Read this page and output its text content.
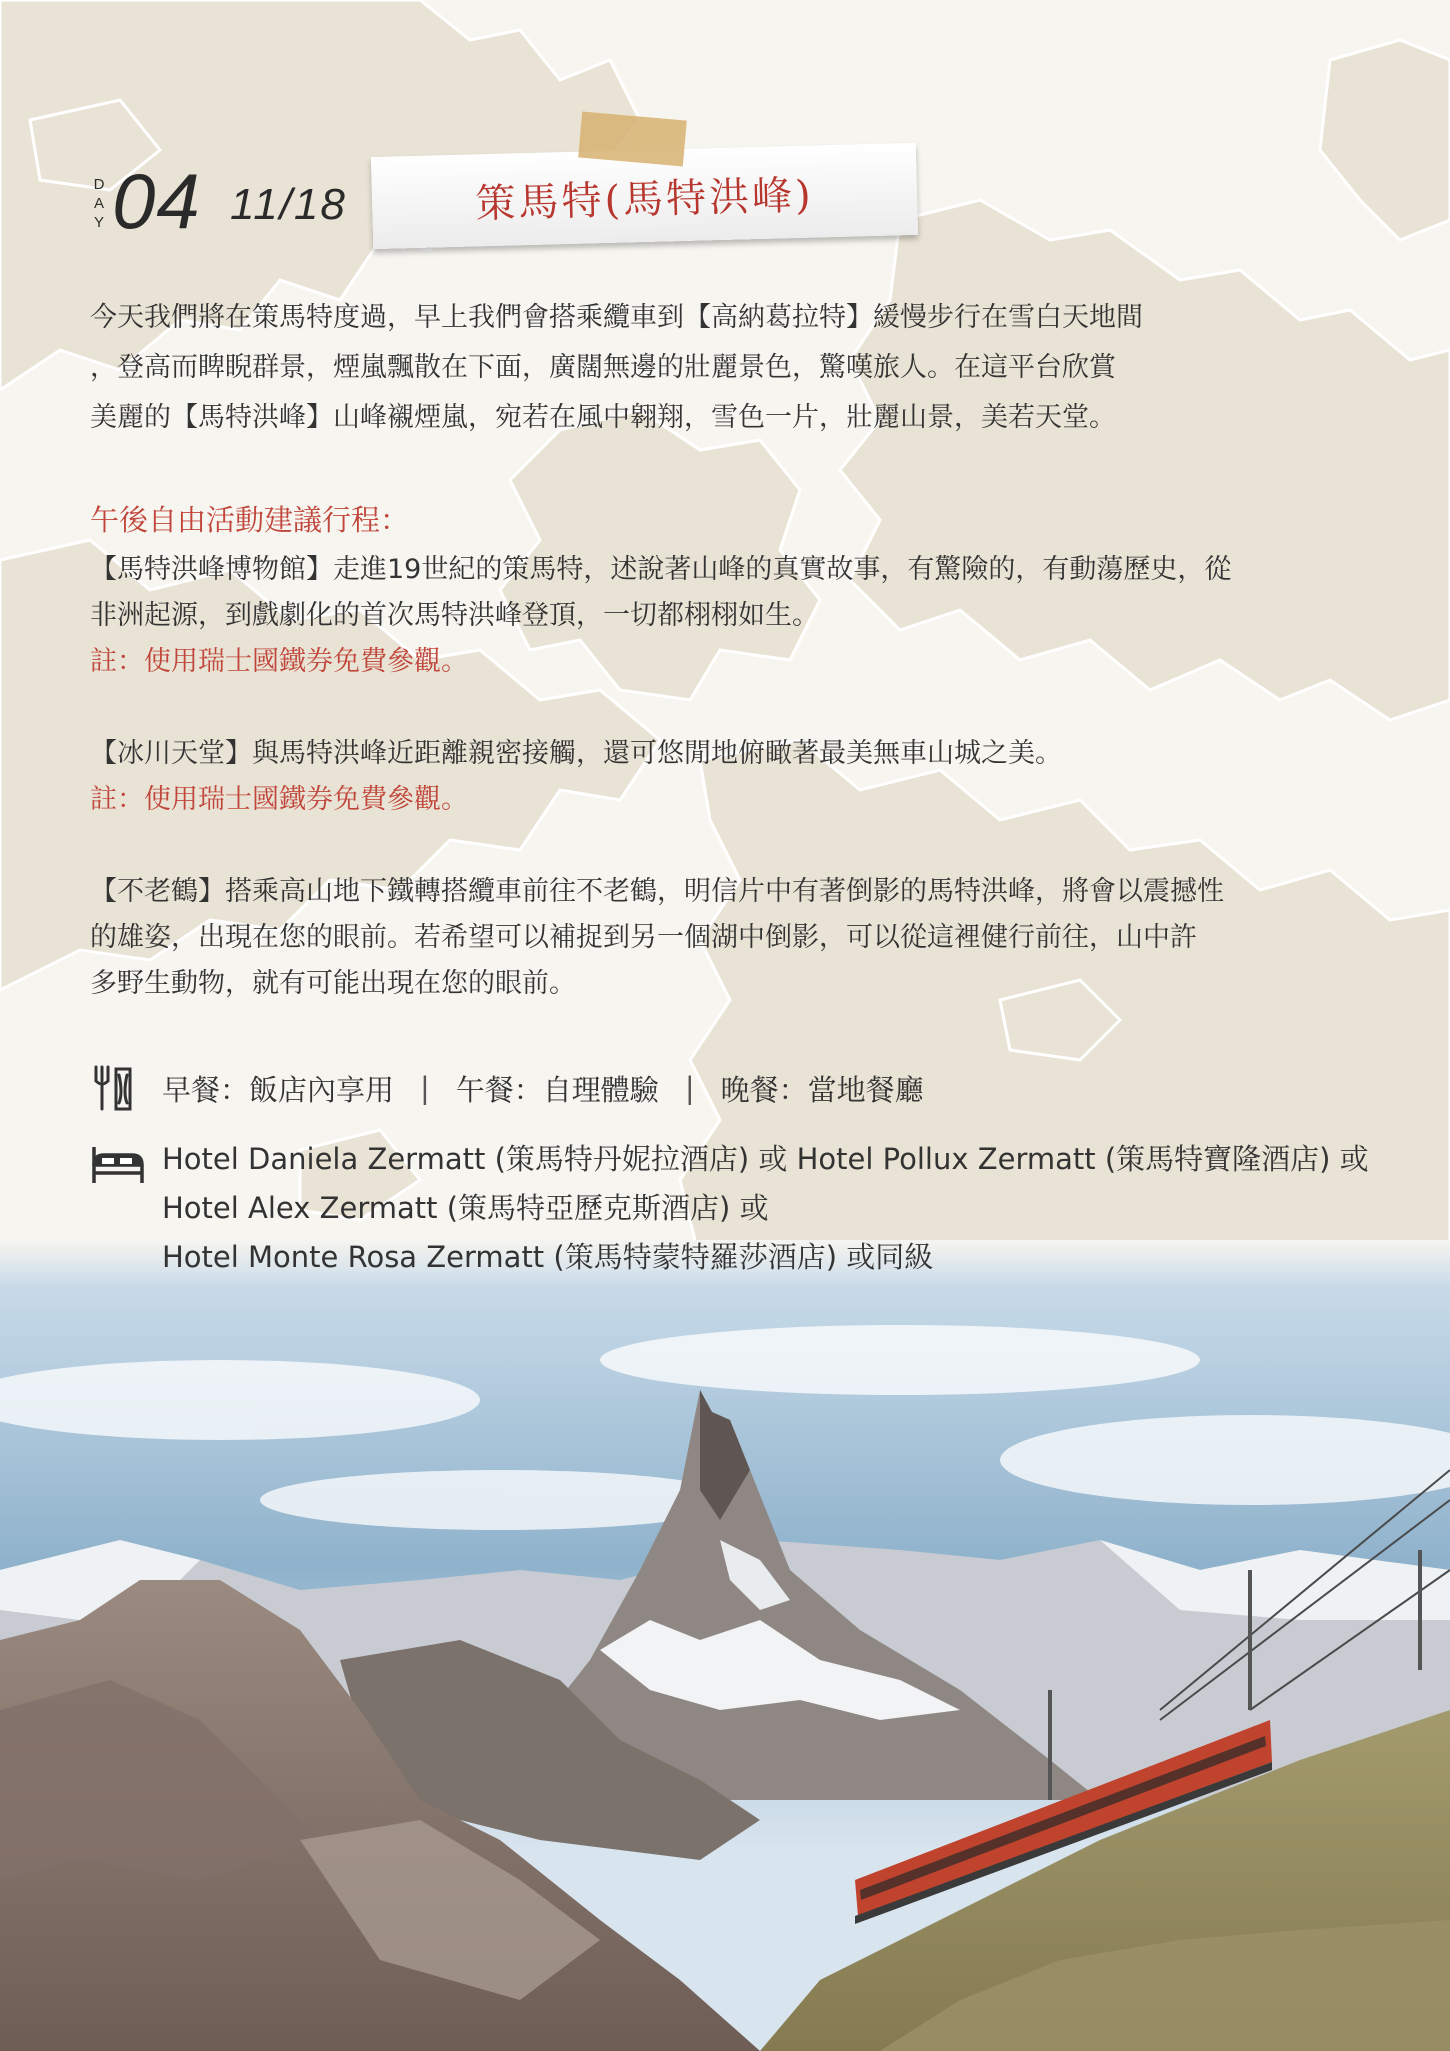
D
A
Y 04 11/18	策馬特(馬特洪峰)

今天我們將在策馬特度過，早上我們會搭乘纜車到【高納葛拉特】緩慢步行在雪白天地間

，登高而睥睨群景，煙嵐飄散在下面，廣闊無邊的壯麗景色，驚嘆旅人。在這平台欣賞

美麗的【馬特洪峰】山峰襯煙嵐，宛若在風中翱翔，雪色一片，壯麗山景，美若天堂。

午後自由活動建議行程：

【馬特洪峰博物館】走進19世紀的策馬特，述說著山峰的真實故事，有驚險的，有動蕩歷史，從

非洲起源，到戲劇化的首次馬特洪峰登頂，一切都栩栩如生。

註：使用瑞士國鐵券免費參觀。

【冰川天堂】與馬特洪峰近距離親密接觸，還可悠閒地俯瞰著最美無車山城之美。

註：使用瑞士國鐵券免費參觀。

【不老鶴】搭乘高山地下鐵轉搭纜車前往不老鶴，明信片中有著倒影的馬特洪峰，將會以震撼性

的雄姿，出現在您的眼前。若希望可以補捉到另一個湖中倒影，可以從這裡健行前往，山中許

多野生動物，就有可能出現在您的眼前。

早餐：飯店內享用 | 午餐：自理體驗 | 晚餐：當地餐廳
Hotel Daniela Zermatt (策馬特丹妮拉酒店) 或 Hotel Pollux Zermatt (策馬特寶隆酒店) 或
Hotel Alex Zermatt (策馬特亞歷克斯酒店) 或
Hotel Monte Rosa Zermatt (策馬特蒙特羅莎酒店) 或同級
